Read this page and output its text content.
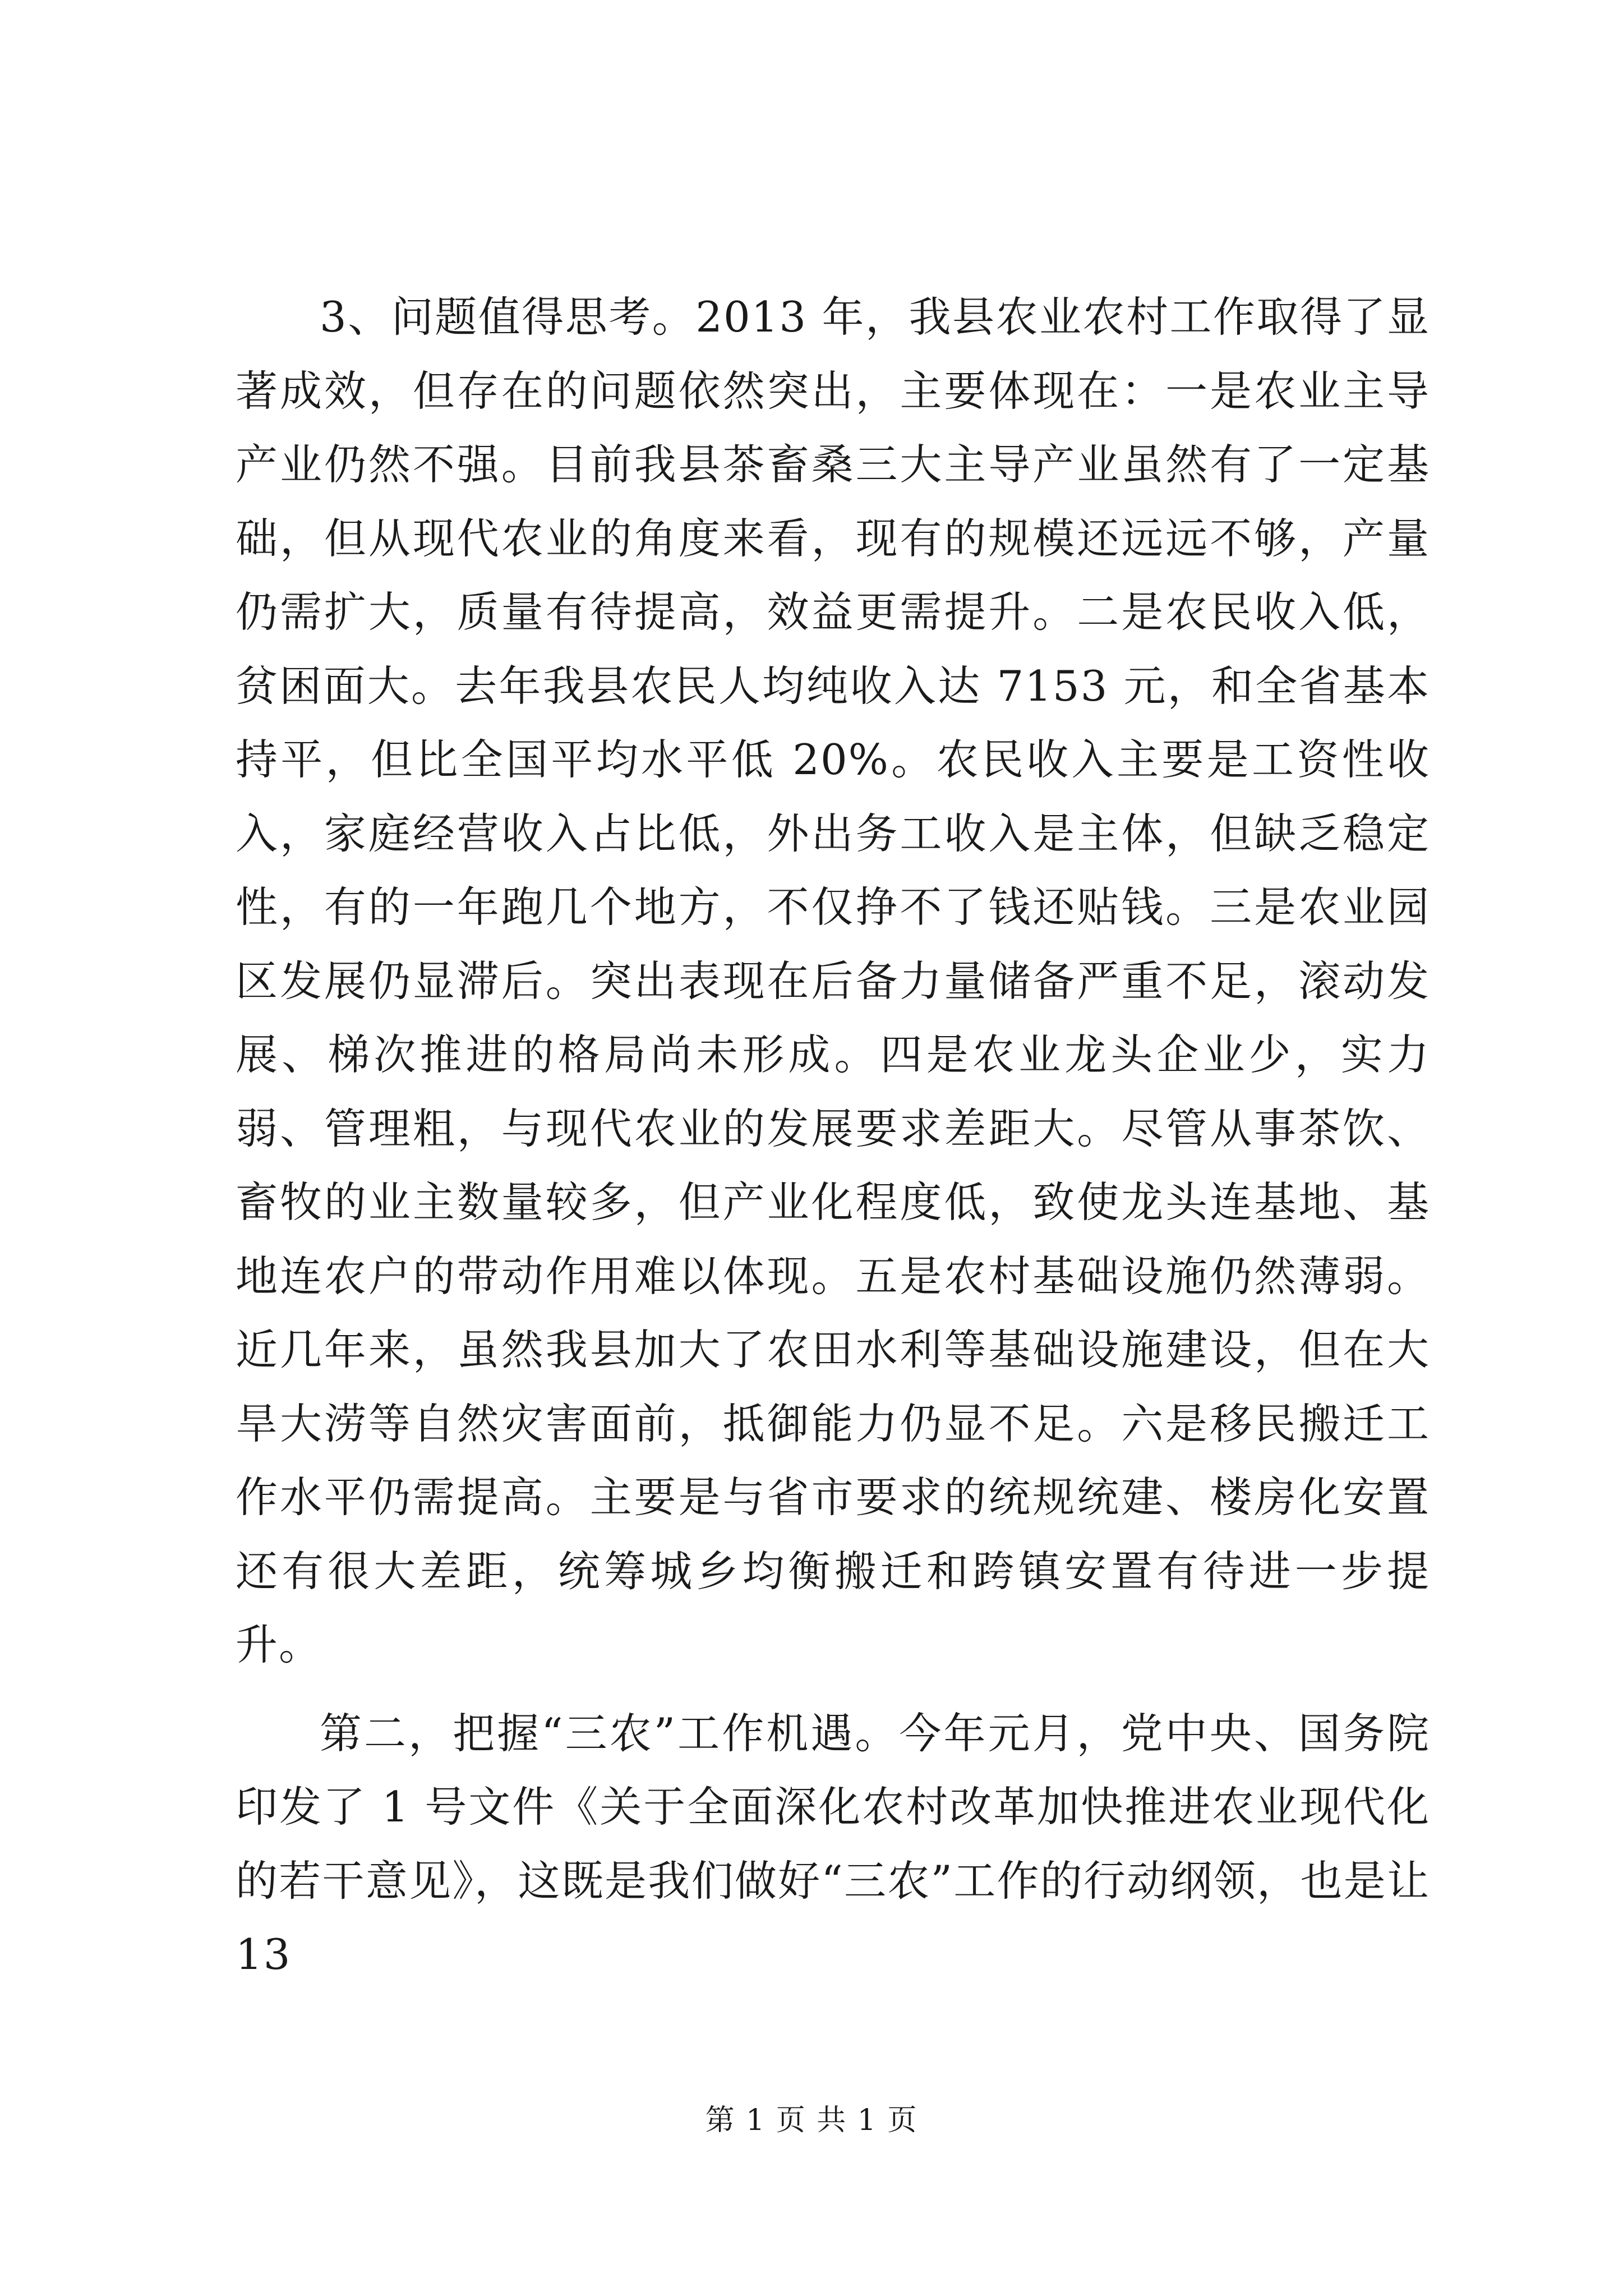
3、问题值得思考。2013 年，我县农业农村工作取得了显著成效，但存在的问题依然突出，主要体现在：一是农业主导产业仍然不强。目前我县茶畜桑三大主导产业虽然有了一定基础，但从现代农业的角度来看，现有的规模还远远不够，产量仍需扩大，质量有待提高，效益更需提升。二是农民收入低，贫困面大。去年我县农民人均纯收入达 7153 元，和全省基本持平，但比全国平均水平低 20%。农民收入主要是工资性收入，家庭经营收入占比低，外出务工收入是主体，但缺乏稳定性，有的一年跑几个地方，不仅挣不了钱还贴钱。三是农业园区发展仍显滞后。突出表现在后备力量储备严重不足，滚动发展、梯次推进的格局尚未形成。四是农业龙头企业少，实力弱、管理粗，与现代农业的发展要求差距大。尽管从事茶饮、畜牧的业主数量较多，但产业化程度低，致使龙头连基地、基地连农户的带动作用难以体现。五是农村基础设施仍然薄弱。近几年来，虽然我县加大了农田水利等基础设施建设，但在大旱大涝等自然灾害面前，抵御能力仍显不足。六是移民搬迁工作水平仍需提高。主要是与省市要求的统规统建、楼房化安置还有很大差距，统筹城乡均衡搬迁和跨镇安置有待进一步提升。

第二，把握“三农”工作机遇。今年元月，党中央、国务院印发了 1 号文件《关于全面深化农村改革加快推进农业现代化的若干意见》，这既是我们做好“三农”工作的行动纲领，也是让 13

第 1 页 共 1 页
